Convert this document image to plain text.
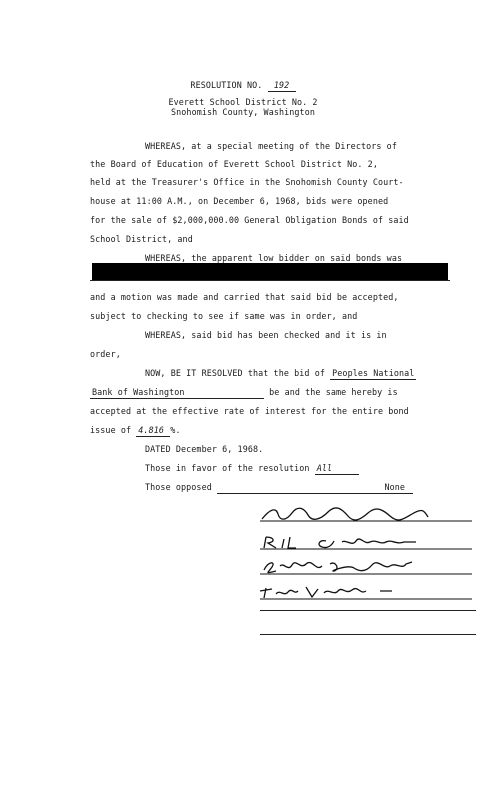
RESOLUTION NO. 192
Everett School District No. 2
Snohomish County, Washington
WHEREAS, at a special meeting of the Directors of
the Board of Education of Everett School District No. 2,
held at the Treasurer's Office in the Snohomish County Court-
house at 11:00 A.M., on December 6, 1968, bids were opened
for the sale of $2,000,000.00 General Obligation Bonds of said
School District, and
WHEREAS, the apparent low bidder on said bonds was
and a motion was made and carried that said bid be accepted,
subject to checking to see if same was in order, and
WHEREAS, said bid has been checked and it is in
order,
NOW, BE IT RESOLVED that the bid of Peoples National
Bank of Washington	be and the same hereby is
accepted at the effective rate of interest for the entire bond
issue of 4.816 %.
DATED December 6, 1968.
Those in favor of the resolution All
Those opposed	None
